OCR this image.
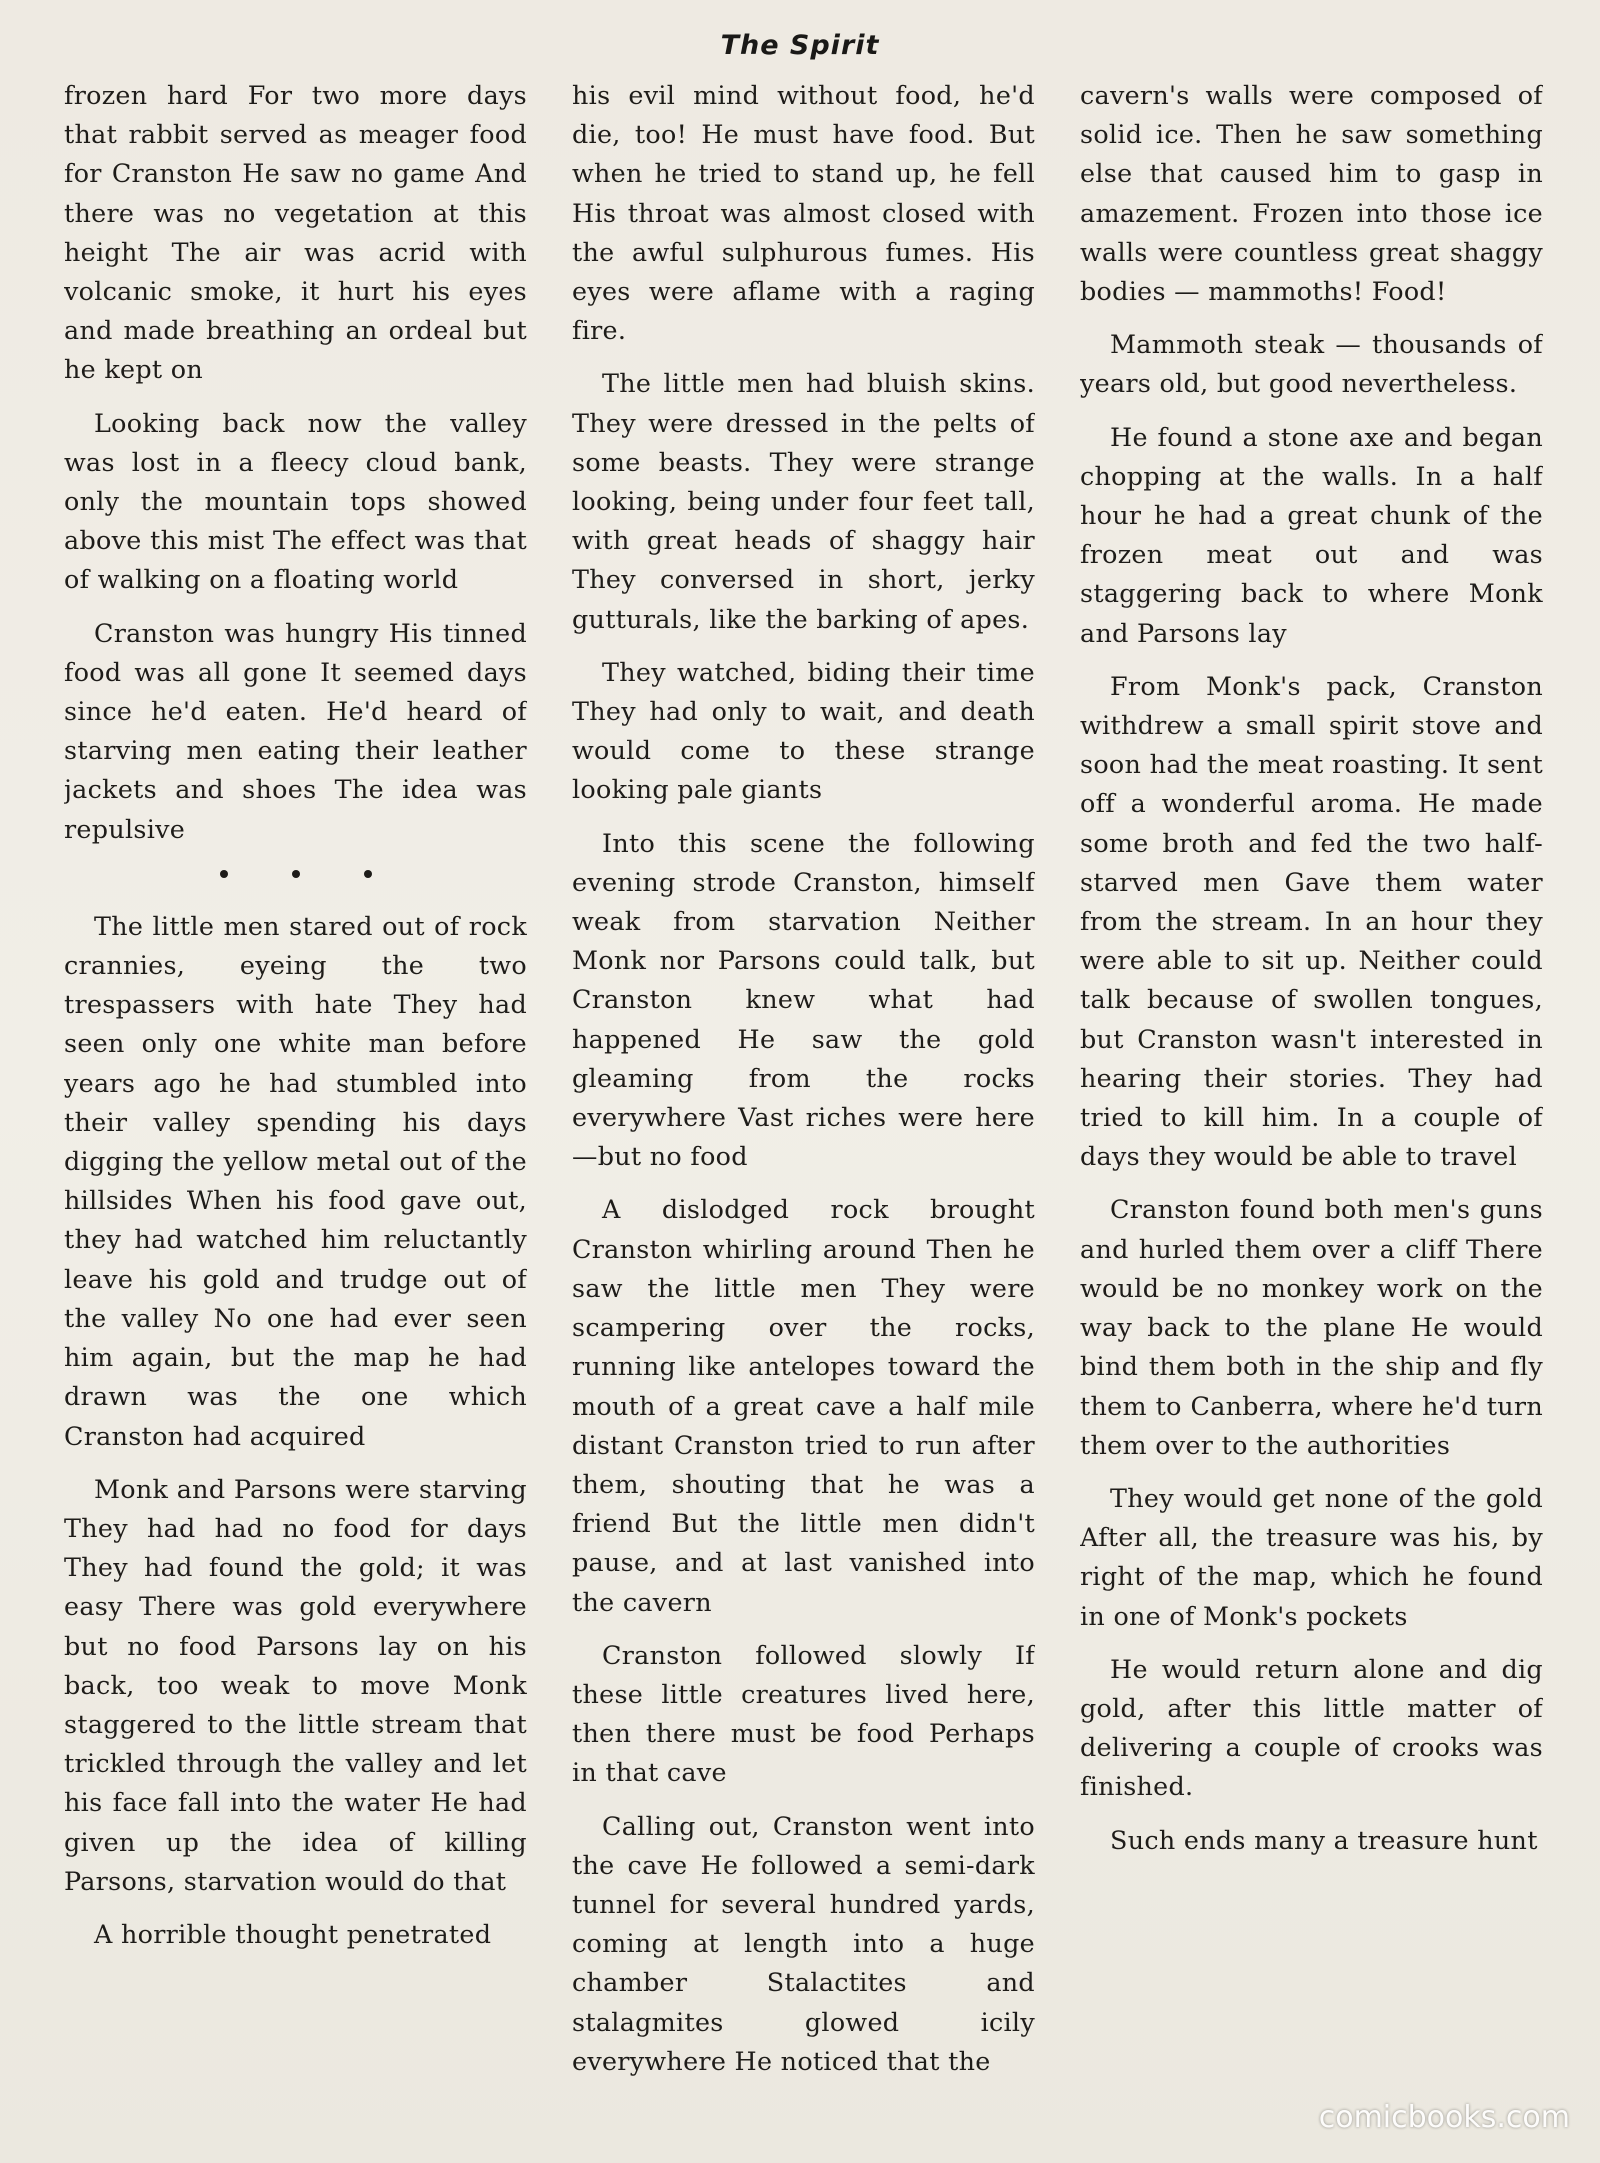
The Spirit

frozen hard For two more days that rabbit served as meager food for Cranston He saw no game And there was no vegetation at this height The air was acrid with volcanic smoke, it hurt his eyes and made breathing an ordeal but he kept on

Looking back now the valley was lost in a fleecy cloud bank, only the mountain tops showed above this mist The effect was that of walking on a floating world

Cranston was hungry His tinned food was all gone It seemed days since he'd eaten. He'd heard of starving men eating their leather jackets and shoes The idea was repulsive

The little men stared out of rock crannies, eyeing the two trespassers with hate They had seen only one white man before years ago he had stumbled into their valley spending his days digging the yellow metal out of the hillsides When his food gave out, they had watched him reluctantly leave his gold and trudge out of the valley No one had ever seen him again, but the map he had drawn was the one which Cranston had acquired

Monk and Parsons were starving They had had no food for days They had found the gold; it was easy There was gold everywhere but no food Parsons lay on his back, too weak to move Monk staggered to the little stream that trickled through the valley and let his face fall into the water He had given up the idea of killing Parsons, starvation would do that

A horrible thought penetrated

his evil mind without food, he'd die, too! He must have food. But when he tried to stand up, he fell His throat was almost closed with the awful sulphurous fumes. His eyes were aflame with a raging fire.

The little men had bluish skins. They were dressed in the pelts of some beasts. They were strange looking, being under four feet tall, with great heads of shaggy hair They conversed in short, jerky gutturals, like the barking of apes.

They watched, biding their time They had only to wait, and death would come to these strange looking pale giants

Into this scene the following evening strode Cranston, himself weak from starvation Neither Monk nor Parsons could talk, but Cranston knew what had happened He saw the gold gleaming from the rocks everywhere Vast riches were here—but no food

A dislodged rock brought Cranston whirling around Then he saw the little men They were scampering over the rocks, running like antelopes toward the mouth of a great cave a half mile distant Cranston tried to run after them, shouting that he was a friend But the little men didn't pause, and at last vanished into the cavern

Cranston followed slowly If these little creatures lived here, then there must be food Perhaps in that cave

Calling out, Cranston went into the cave He followed a semi-dark tunnel for several hundred yards, coming at length into a huge chamber Stalactites and stalagmites glowed icily everywhere He noticed that the

cavern's walls were composed of solid ice. Then he saw something else that caused him to gasp in amazement. Frozen into those ice walls were countless great shaggy bodies — mammoths! Food!

Mammoth steak — thousands of years old, but good nevertheless.

He found a stone axe and began chopping at the walls. In a half hour he had a great chunk of the frozen meat out and was staggering back to where Monk and Parsons lay

From Monk's pack, Cranston withdrew a small spirit stove and soon had the meat roasting. It sent off a wonderful aroma. He made some broth and fed the two half-starved men Gave them water from the stream. In an hour they were able to sit up. Neither could talk because of swollen tongues, but Cranston wasn't interested in hearing their stories. They had tried to kill him. In a couple of days they would be able to travel

Cranston found both men's guns and hurled them over a cliff There would be no monkey work on the way back to the plane He would bind them both in the ship and fly them to Canberra, where he'd turn them over to the authorities

They would get none of the gold After all, the treasure was his, by right of the map, which he found in one of Monk's pockets

He would return alone and dig gold, after this little matter of delivering a couple of crooks was finished.

Such ends many a treasure hunt

comicbooks.com
